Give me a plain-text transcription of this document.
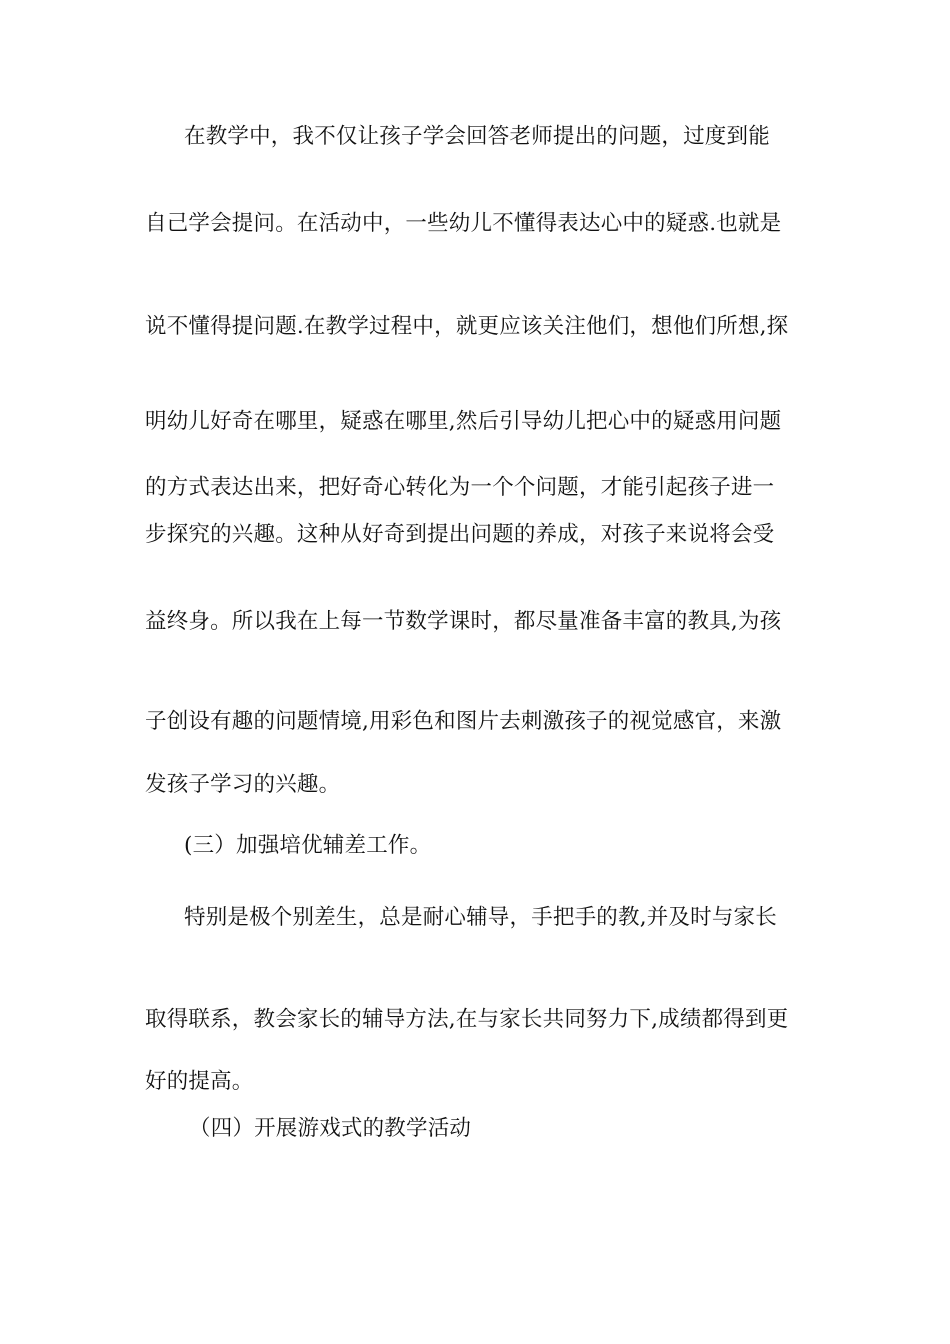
在教学中，我不仅让孩子学会回答老师提出的问题，过度到能
自己学会提问。在活动中，一些幼儿不懂得表达心中的疑惑.也就是
说不懂得提问题.在教学过程中，就更应该关注他们，想他们所想,探
明幼儿好奇在哪里，疑惑在哪里,然后引导幼儿把心中的疑惑用问题
的方式表达出来，把好奇心转化为一个个问题，才能引起孩子进一
步探究的兴趣。这种从好奇到提出问题的养成，对孩子来说将会受
益终身。所以我在上每一节数学课时，都尽量准备丰富的教具,为孩
子创设有趣的问题情境,用彩色和图片去刺激孩子的视觉感官，来激
发孩子学习的兴趣。
(三）加强培优辅差工作。
特别是极个别差生，总是耐心辅导，手把手的教,并及时与家长
取得联系，教会家长的辅导方法,在与家长共同努力下,成绩都得到更
好的提高。
（四）开展游戏式的教学活动
